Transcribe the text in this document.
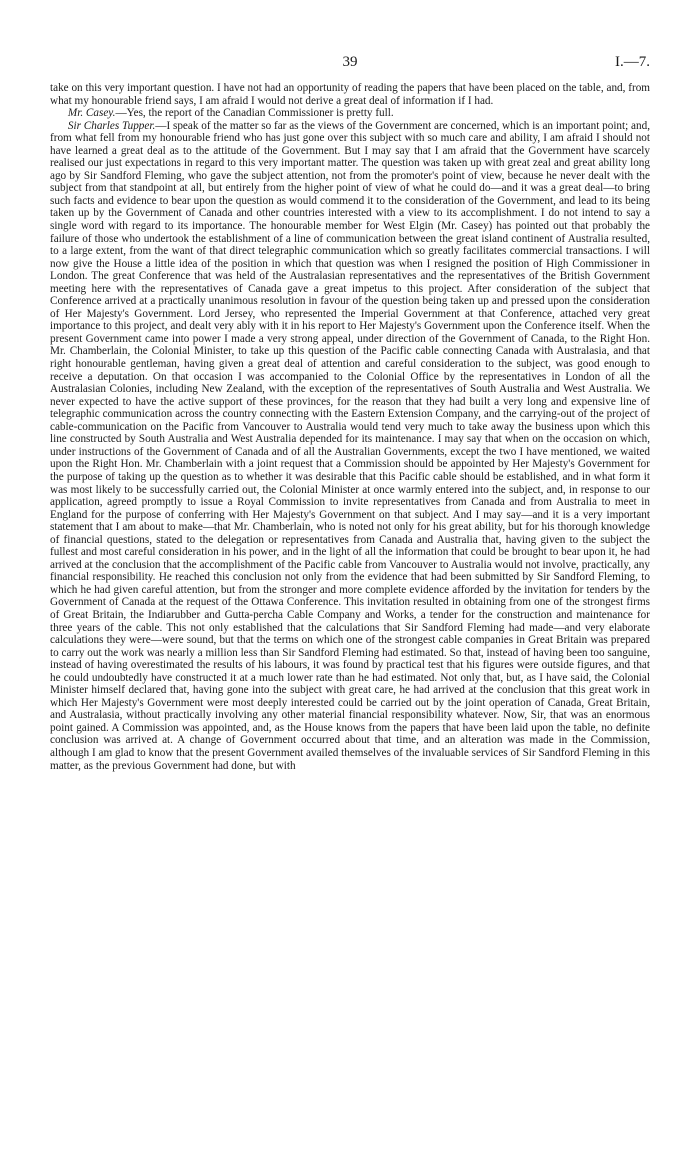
39	I.—7.

take on this very important question. I have not had an opportunity of reading the papers that have been placed on the table, and, from what my honourable friend says, I am afraid I would not derive a great deal of information if I had.

Mr. Casey.—Yes, the report of the Canadian Commissioner is pretty full.

Sir Charles Tupper.—I speak of the matter so far as the views of the Government are concerned, which is an important point; and, from what fell from my honourable friend who has just gone over this subject with so much care and ability, I am afraid I should not have learned a great deal as to the attitude of the Government. But I may say that I am afraid that the Government have scarcely realised our just expectations in regard to this very important matter. The question was taken up with great zeal and great ability long ago by Sir Sandford Fleming, who gave the subject attention, not from the promoter's point of view, because he never dealt with the subject from that standpoint at all, but entirely from the higher point of view of what he could do—and it was a great deal—to bring such facts and evidence to bear upon the question as would commend it to the consideration of the Government, and lead to its being taken up by the Government of Canada and other countries interested with a view to its accomplishment. I do not intend to say a single word with regard to its importance. The honourable member for West Elgin (Mr. Casey) has pointed out that probably the failure of those who undertook the establishment of a line of communication between the great island continent of Australia resulted, to a large extent, from the want of that direct telegraphic communication which so greatly facilitates commercial transactions. I will now give the House a little idea of the position in which that question was when I resigned the position of High Commissioner in London. The great Conference that was held of the Australasian representatives and the representatives of the British Government meeting here with the representatives of Canada gave a great impetus to this project. After consideration of the subject that Conference arrived at a practically unanimous resolution in favour of the question being taken up and pressed upon the consideration of Her Majesty's Government. Lord Jersey, who represented the Imperial Government at that Conference, attached very great importance to this project, and dealt very ably with it in his report to Her Majesty's Government upon the Conference itself. When the present Government came into power I made a very strong appeal, under direction of the Government of Canada, to the Right Hon. Mr. Chamberlain, the Colonial Minister, to take up this question of the Pacific cable connecting Canada with Australasia, and that right honourable gentleman, having given a great deal of attention and careful consideration to the subject, was good enough to receive a deputation. On that occasion I was accompanied to the Colonial Office by the representatives in London of all the Australasian Colonies, including New Zealand, with the exception of the representatives of South Australia and West Australia. We never expected to have the active support of these provinces, for the reason that they had built a very long and expensive line of telegraphic communication across the country connecting with the Eastern Extension Company, and the carrying-out of the project of cable-communication on the Pacific from Vancouver to Australia would tend very much to take away the business upon which this line constructed by South Australia and West Australia depended for its maintenance. I may say that when on the occasion on which, under instructions of the Government of Canada and of all the Australian Governments, except the two I have mentioned, we waited upon the Right Hon. Mr. Chamberlain with a joint request that a Commission should be appointed by Her Majesty's Government for the purpose of taking up the question as to whether it was desirable that this Pacific cable should be established, and in what form it was most likely to be successfully carried out, the Colonial Minister at once warmly entered into the subject, and, in response to our application, agreed promptly to issue a Royal Commission to invite representatives from Canada and from Australia to meet in England for the purpose of conferring with Her Majesty's Government on that subject. And I may say—and it is a very important statement that I am about to make—that Mr. Chamberlain, who is noted not only for his great ability, but for his thorough knowledge of financial questions, stated to the delegation or representatives from Canada and Australia that, having given to the subject the fullest and most careful consideration in his power, and in the light of all the information that could be brought to bear upon it, he had arrived at the conclusion that the accomplishment of the Pacific cable from Vancouver to Australia would not involve, practically, any financial responsibility. He reached this conclusion not only from the evidence that had been submitted by Sir Sandford Fleming, to which he had given careful attention, but from the stronger and more complete evidence afforded by the invitation for tenders by the Government of Canada at the request of the Ottawa Conference. This invitation resulted in obtaining from one of the strongest firms of Great Britain, the Indiarubber and Gutta-percha Cable Company and Works, a tender for the construction and maintenance for three years of the cable. This not only established that the calculations that Sir Sandford Fleming had made—and very elaborate calculations they were—were sound, but that the terms on which one of the strongest cable companies in Great Britain was prepared to carry out the work was nearly a million less than Sir Sandford Fleming had estimated. So that, instead of having been too sanguine, instead of having overestimated the results of his labours, it was found by practical test that his figures were outside figures, and that he could undoubtedly have constructed it at a much lower rate than he had estimated. Not only that, but, as I have said, the Colonial Minister himself declared that, having gone into the subject with great care, he had arrived at the conclusion that this great work in which Her Majesty's Government were most deeply interested could be carried out by the joint operation of Canada, Great Britain, and Australasia, without practically involving any other material financial responsibility whatever. Now, Sir, that was an enormous point gained. A Commission was appointed, and, as the House knows from the papers that have been laid upon the table, no definite conclusion was arrived at. A change of Government occurred about that time, and an alteration was made in the Commission, although I am glad to know that the present Government availed themselves of the invaluable services of Sir Sandford Fleming in this matter, as the previous Government had done, but with
